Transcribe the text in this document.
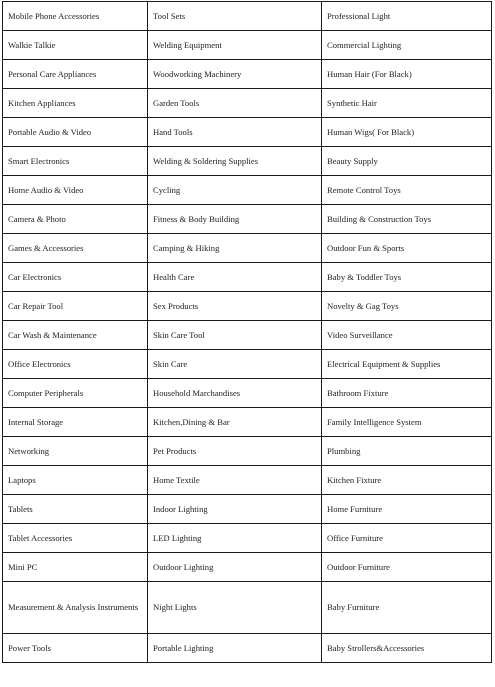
Mobile Phone Accessories	Tool Sets	Professional Light
Walkie Talkie	Welding Equipment	Commercial Lighting
Personal Care Appliances	Woodworking Machinery	Human Hair (For Black)
Kitchen Appliances	Garden Tools	Synthetic Hair
Portable Audio & Video	Hand Tools	Human Wigs( For Black)
Smart Electronics	Welding & Soldering Supplies	Beauty Supply
Home Audio & Video	Cycling	Remote Control Toys
Camera & Photo	Fitness & Body Building	Building & Construction Toys
Games & Accessories	Camping & Hiking	Outdoor Fun & Sports
Car Electronics	Health Care	Baby & Toddler Toys
Car Repair Tool	Sex Products	Novelty & Gag Toys
Car Wash & Maintenance	Skin Care Tool	Video Surveillance
Office Electronics	Skin Care	Electrical Equipment & Supplies
Computer Peripherals	Household Marchandises	Bathroom Fixture
Internal Storage	Kitchen,Dining & Bar	Family Intelligence System
Networking	Pet Products	Plumbing
Laptops	Home Textile	Kitchen Fixture
Tablets	Indoor Lighting	Home Furniture
Tablet Accessories	LED Lighting	Office Furniture
Mini PC	Outdoor Lighting	Outdoor Furniture
Measurement & Analysis Instruments	Night Lights	Baby Furniture
Power Tools	Portable Lighting	Baby Strollers&Accessories
